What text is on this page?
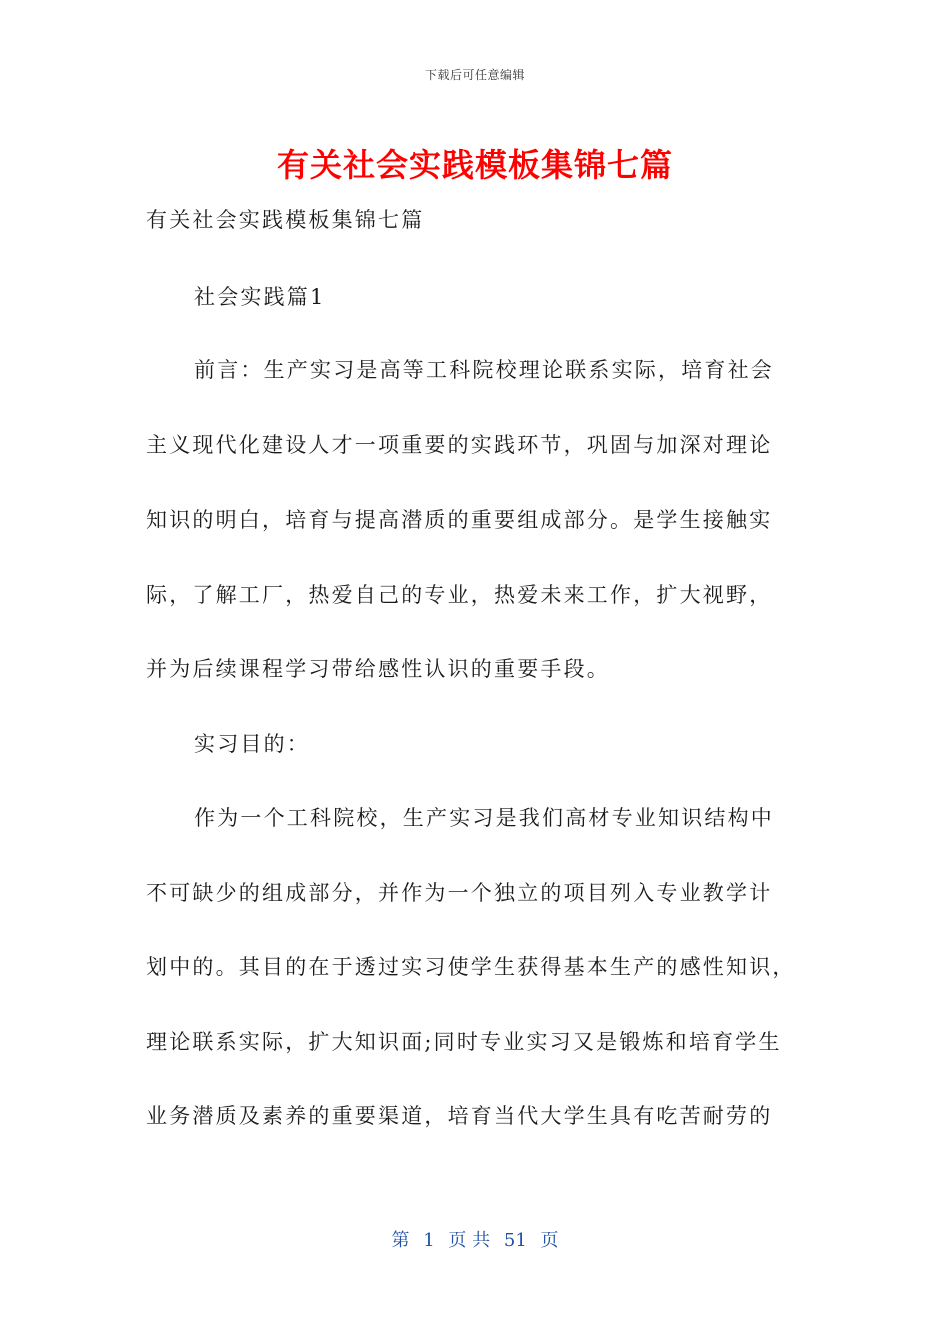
下载后可任意编辑
有关社会实践模板集锦七篇
有关社会实践模板集锦七篇
社会实践篇1
前言：生产实习是高等工科院校理论联系实际，培育社会
主义现代化建设人才一项重要的实践环节，巩固与加深对理论
知识的明白，培育与提高潜质的重要组成部分。是学生接触实
际，了解工厂，热爱自己的专业，热爱未来工作，扩大视野，
并为后续课程学习带给感性认识的重要手段。
实习目的：
作为一个工科院校，生产实习是我们高材专业知识结构中
不可缺少的组成部分，并作为一个独立的项目列入专业教学计
划中的。其目的在于透过实习使学生获得基本生产的感性知识，
理论联系实际，扩大知识面;同时专业实习又是锻炼和培育学生
业务潜质及素养的重要渠道，培育当代大学生具有吃苦耐劳的
第 1 页 共 51 页
